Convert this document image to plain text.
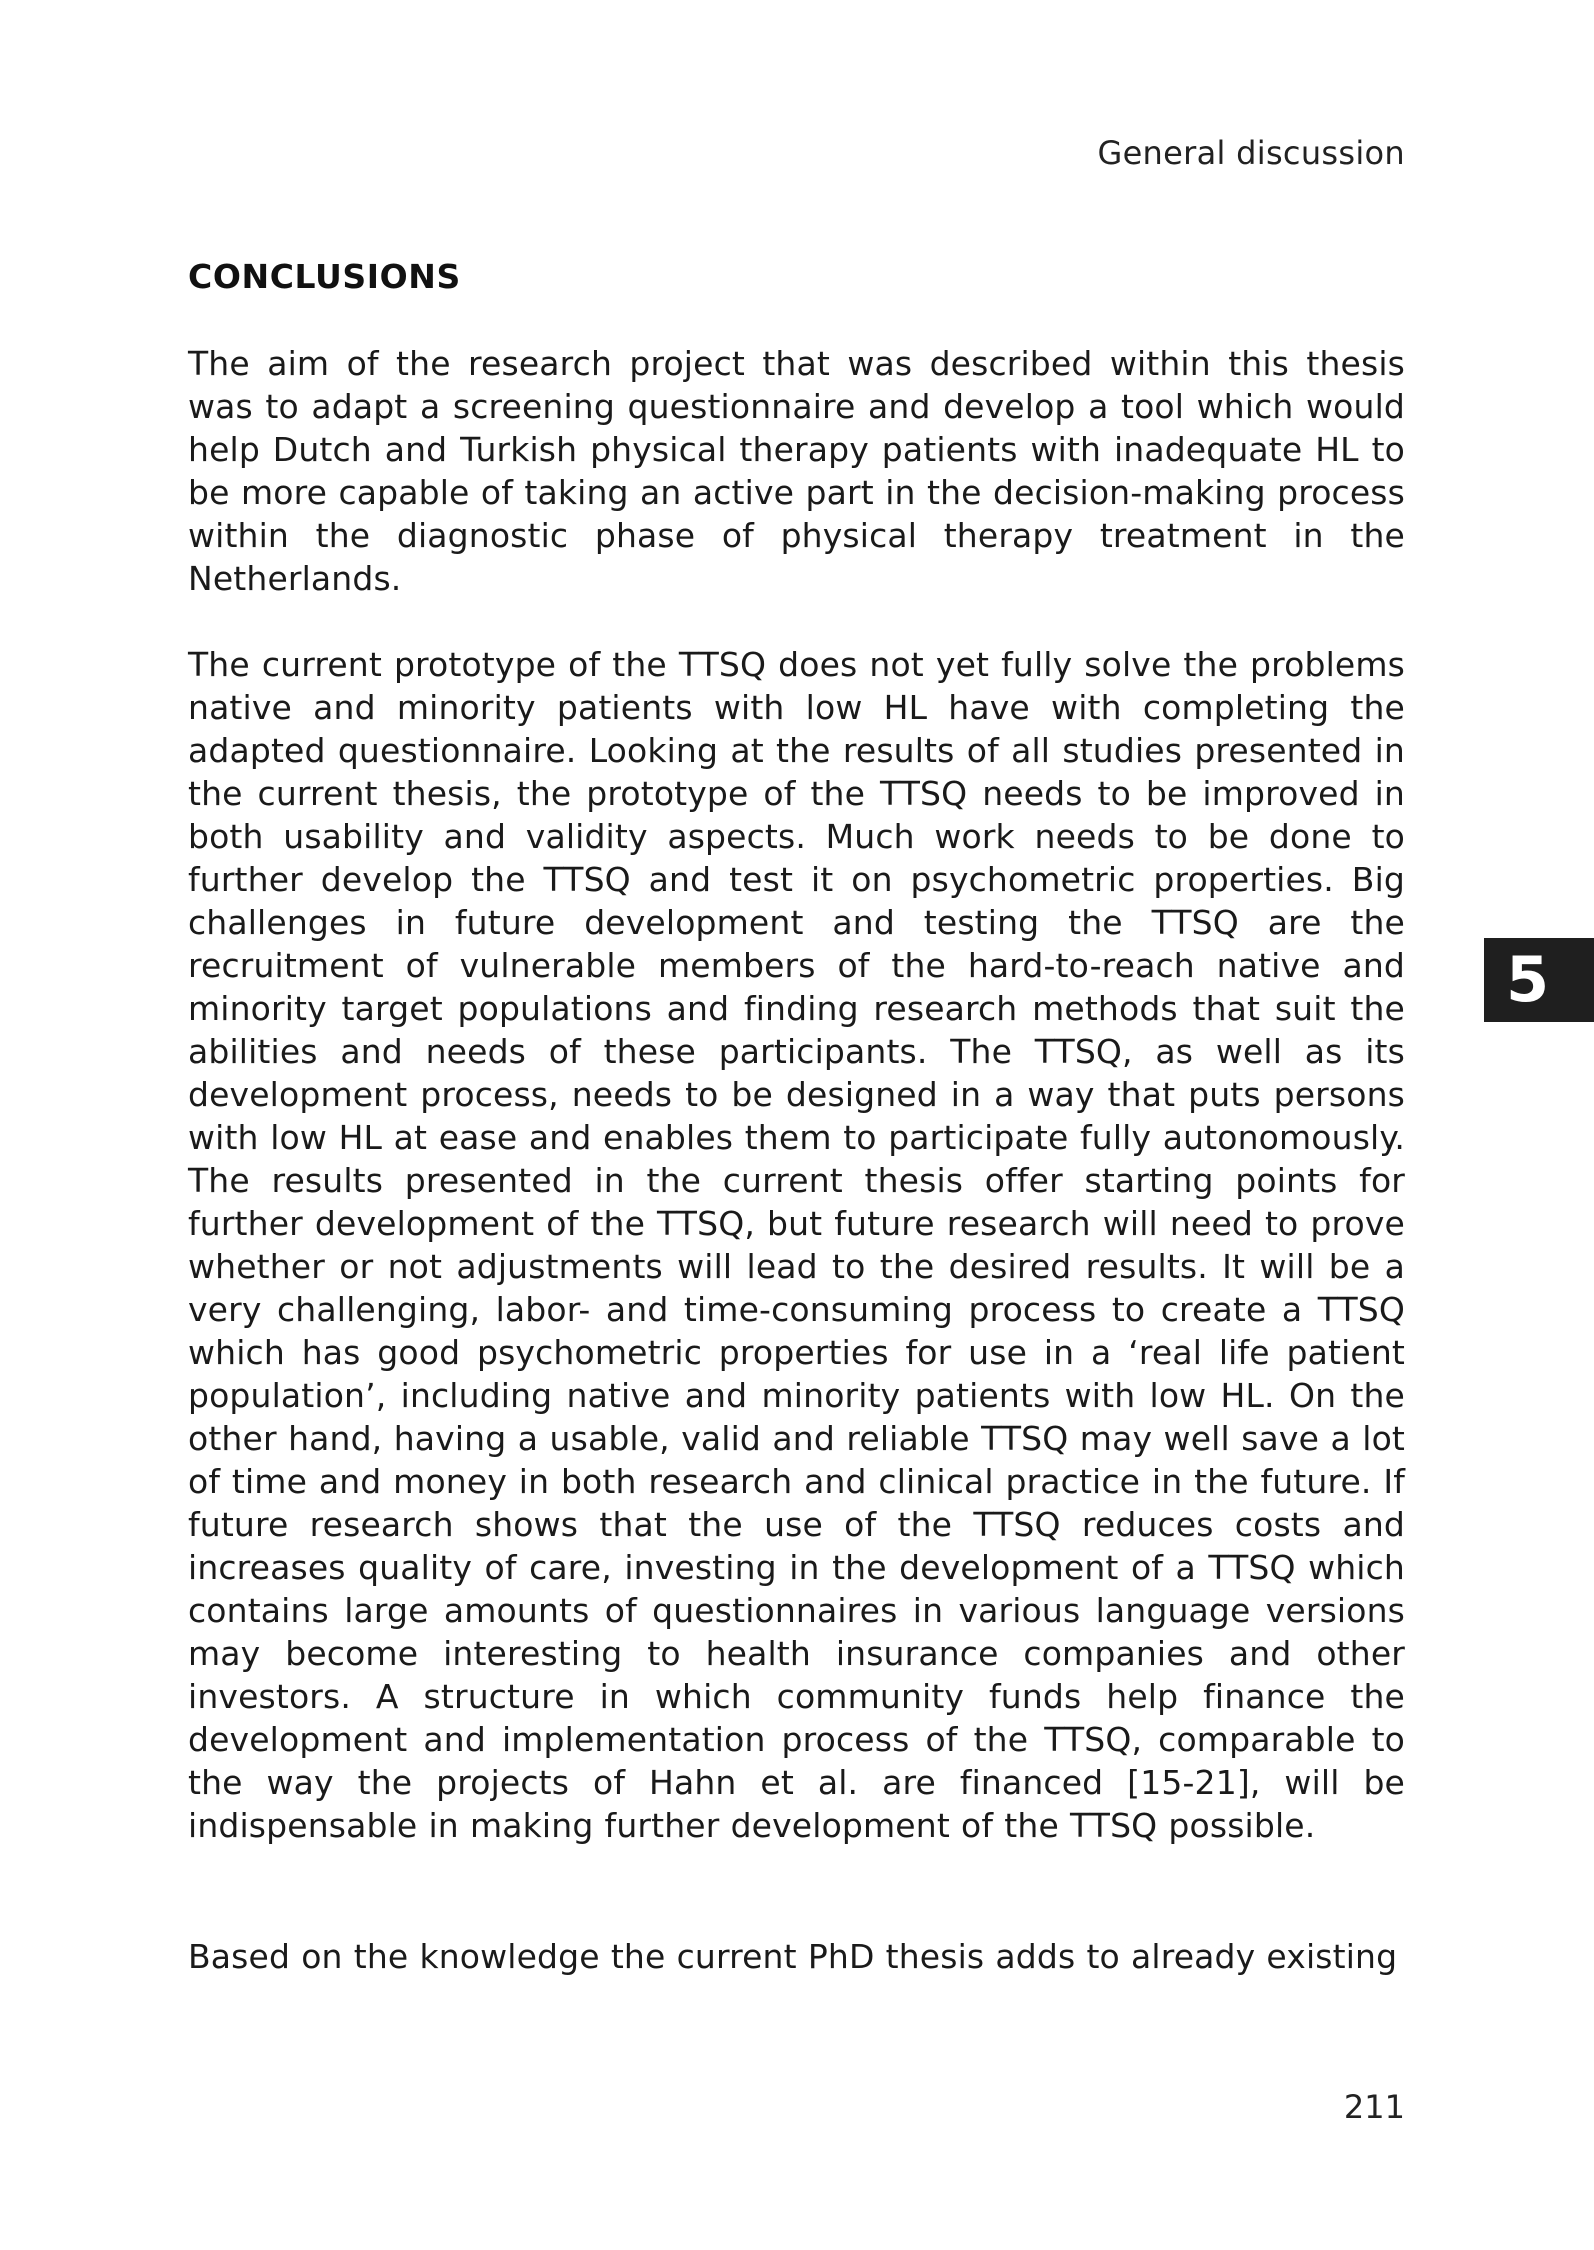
General discussion
CONCLUSIONS

The aim of the research project that was described within this thesis was to adapt a screening questionnaire and develop a tool which would help Dutch and Turkish physical therapy patients with inadequate HL to be more capable of taking an active part in the decision-making process within the diagnostic phase of physical therapy treatment in the Netherlands.

The current prototype of the TTSQ does not yet fully solve the problems native and minority patients with low HL have with completing the adapted questionnaire. Looking at the results of all studies presented in the current thesis, the prototype of the TTSQ needs to be improved in both usability and validity aspects. Much work needs to be done to further develop the TTSQ and test it on psychometric properties. Big challenges in future development and testing the TTSQ are the recruitment of vulnerable members of the hard-to-reach native and minority target populations and finding research methods that suit the abilities and needs of these participants. The TTSQ, as well as its development process, needs to be designed in a way that puts persons with low HL at ease and enables them to participate fully autonomously. The results presented in the current thesis offer starting points for further development of the TTSQ, but future research will need to prove whether or not adjustments will lead to the desired results. It will be a very challenging, labor- and time-consuming process to create a TTSQ which has good psychometric properties for use in a ‘real life patient population’, including native and minority patients with low HL. On the other hand, having a usable, valid and reliable TTSQ may well save a lot of time and money in both research and clinical practice in the future. If future research shows that the use of the TTSQ reduces costs and increases quality of care, investing in the development of a TTSQ which contains large amounts of questionnaires in various language versions may become interesting to health insurance companies and other investors. A structure in which community funds help finance the development and implementation process of the TTSQ, comparable to the way the projects of Hahn et al. are financed [15-21], will be indispensable in making further development of the TTSQ possible.

Based on the knowledge the current PhD thesis adds to already existing

5
211
